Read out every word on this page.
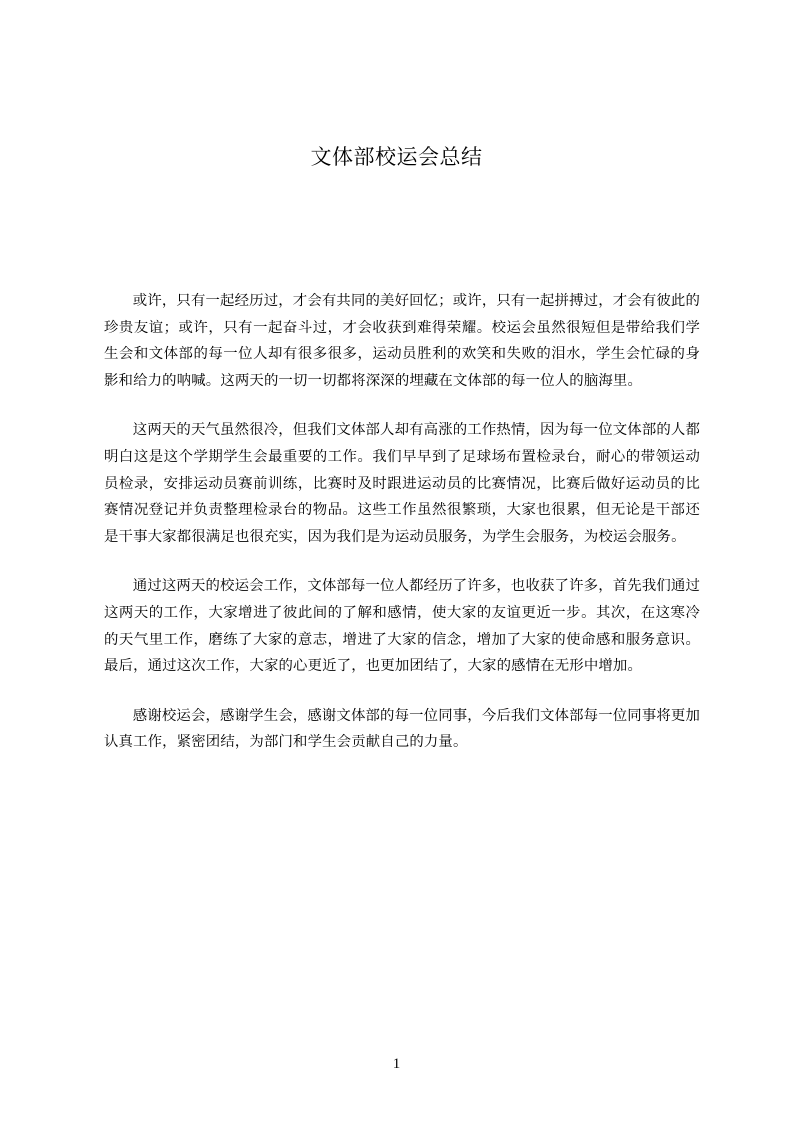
文体部校运会总结

或许，只有一起经历过，才会有共同的美好回忆；或许，只有一起拼搏过，才会有彼此的珍贵友谊；或许，只有一起奋斗过，才会收获到难得荣耀。校运会虽然很短但是带给我们学生会和文体部的每一位人却有很多很多，运动员胜利的欢笑和失败的泪水，学生会忙碌的身影和给力的呐喊。这两天的一切一切都将深深的埋藏在文体部的每一位人的脑海里。

这两天的天气虽然很冷，但我们文体部人却有高涨的工作热情，因为每一位文体部的人都明白这是这个学期学生会最重要的工作。我们早早到了足球场布置检录台，耐心的带领运动员检录，安排运动员赛前训练，比赛时及时跟进运动员的比赛情况，比赛后做好运动员的比赛情况登记并负责整理检录台的物品。这些工作虽然很繁琐，大家也很累，但无论是干部还是干事大家都很满足也很充实，因为我们是为运动员服务，为学生会服务，为校运会服务。

通过这两天的校运会工作，文体部每一位人都经历了许多，也收获了许多，首先我们通过这两天的工作，大家增进了彼此间的了解和感情，使大家的友谊更近一步。其次，在这寒冷的天气里工作，磨练了大家的意志，增进了大家的信念，增加了大家的使命感和服务意识。最后，通过这次工作，大家的心更近了，也更加团结了，大家的感情在无形中增加。

感谢校运会，感谢学生会，感谢文体部的每一位同事，今后我们文体部每一位同事将更加认真工作，紧密团结，为部门和学生会贡献自己的力量。

1
